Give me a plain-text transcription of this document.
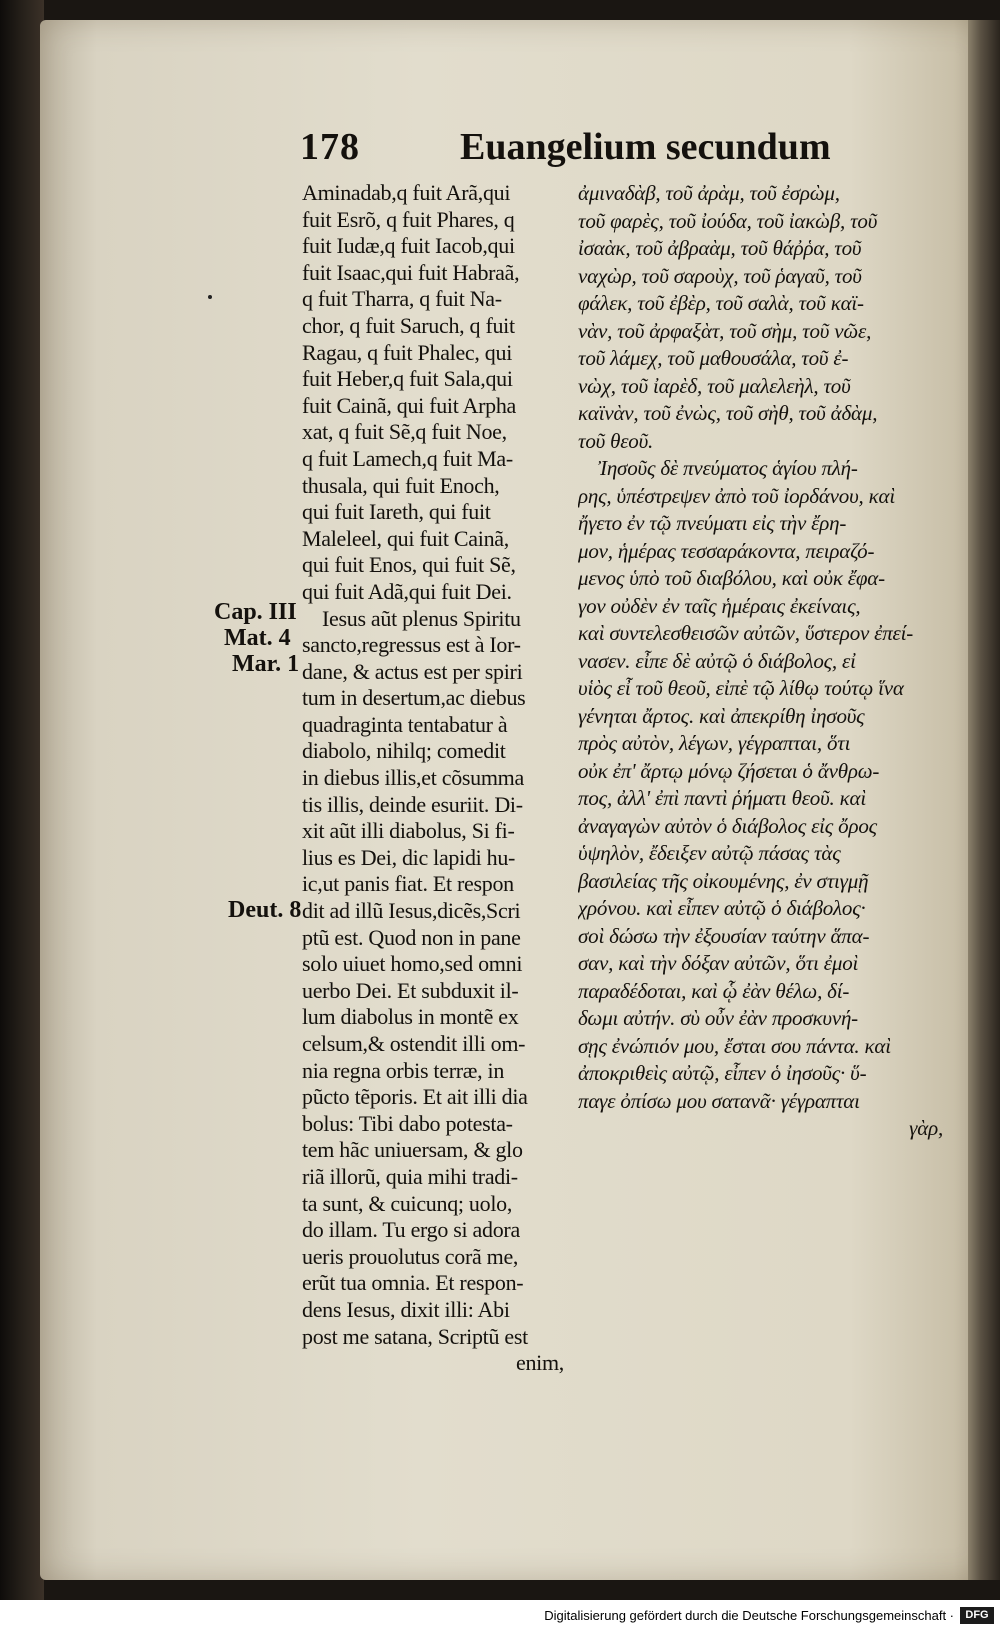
178	Euangelium secundum
Cap. III
Mat. 4
Mar. 1
Deut. 8
Aminadab,q fuit Arã,qui
fuit Esrõ, q fuit Phares, q
fuit Iudæ,q fuit Iacob,qui
fuit Isaac,qui fuit Habraã,
q fuit Tharra, q fuit Na-
chor, q fuit Saruch, q fuit
Ragau, q fuit Phalec, qui
fuit Heber,q fuit Sala,qui
fuit Cainã, qui fuit Arpha
xat, q fuit Sẽ,q fuit Noe,
q fuit Lamech,q fuit Ma-
thusala, qui fuit Enoch,
qui fuit Iareth, qui fuit
Maleleel, qui fuit Cainã,
qui fuit Enos, qui fuit Sẽ,
qui fuit Adã,qui fuit Dei.
Iesus aũt plenus Spiritu
sancto,regressus est à Ior-
dane, & actus est per spiri
tum in desertum,ac diebus
quadraginta tentabatur à
diabolo, nihilq; comedit
in diebus illis,et cõsumma
tis illis, deinde esuriit. Di-
xit aũt illi diabolus, Si fi-
lius es Dei, dic lapidi hu-
ic,ut panis fiat. Et respon
dit ad illũ Iesus,dicẽs,Scri
ptũ est. Quod non in pane
solo uiuet homo,sed omni
uerbo Dei. Et subduxit il-
lum diabolus in montẽ ex
celsum,& ostendit illi om-
nia regna orbis terræ, in
pũcto tẽporis. Et ait illi dia
bolus: Tibi dabo potesta-
tem hãc uniuersam, & glo
riã illorũ, quia mihi tradi-
ta sunt, & cuicunq; uolo,
do illam. Tu ergo si adora
ueris prouolutus corã me,
erũt tua omnia. Et respon-
dens Iesus, dixit illi: Abi
post me satana, Scriptũ est
enim,
ἀμιναδὰβ, τοῦ ἀρὰμ, τοῦ ἐσρὼμ,
τοῦ φαρὲς, τοῦ ἰούδα, τοῦ ἰακὼβ, τοῦ
ἰσαὰκ, τοῦ ἀβραὰμ, τοῦ θάῤῥα, τοῦ
ναχὼρ, τοῦ σαροὺχ, τοῦ ῥαγαῦ, τοῦ
φάλεκ, τοῦ ἐβὲρ, τοῦ σαλὰ, τοῦ καϊ-
νὰν, τοῦ ἀρφαξὰτ, τοῦ σὴμ, τοῦ νῶε,
τοῦ λάμεχ, τοῦ μαθουσάλα, τοῦ ἐ-
νὼχ, τοῦ ἰαρὲδ, τοῦ μαλελεὴλ, τοῦ
καϊνὰν, τοῦ ἐνὼς, τοῦ σὴθ, τοῦ ἀδὰμ,
τοῦ θεοῦ.
Ἰησοῦς δὲ πνεύματος ἁγίου πλή-
ρης, ὑπέστρεψεν ἀπὸ τοῦ ἰορδάνου, καὶ
ἤγετο ἐν τῷ πνεύματι εἰς τὴν ἔρη-
μον, ἡμέρας τεσσαράκοντα, πειραζό-
μενος ὑπὸ τοῦ διαβόλου, καὶ οὐκ ἔφα-
γον οὐδὲν ἐν ταῖς ἡμέραις ἐκείναις,
καὶ συντελεσθεισῶν αὐτῶν, ὕστερον ἐπεί-
νασεν. εἶπε δὲ αὐτῷ ὁ διάβολος, εἰ
υἱὸς εἶ τοῦ θεοῦ, εἰπὲ τῷ λίθῳ τούτῳ ἵνα
γένηται ἄρτος. καὶ ἀπεκρίθη ἰησοῦς
πρὸς αὐτὸν, λέγων, γέγραπται, ὅτι
οὐκ ἐπ' ἄρτῳ μόνῳ ζήσεται ὁ ἄνθρω-
πος, ἀλλ' ἐπὶ παντὶ ῥήματι θεοῦ. καὶ
ἀναγαγὼν αὐτὸν ὁ διάβολος εἰς ὄρος
ὑψηλὸν, ἔδειξεν αὐτῷ πάσας τὰς
βασιλείας τῆς οἰκουμένης, ἐν στιγμῇ
χρόνου. καὶ εἶπεν αὐτῷ ὁ διάβολος·
σοὶ δώσω τὴν ἐξουσίαν ταύτην ἅπα-
σαν, καὶ τὴν δόξαν αὐτῶν, ὅτι ἐμοὶ
παραδέδοται, καὶ ᾧ ἐὰν θέλω, δί-
δωμι αὐτήν. σὺ οὖν ἐὰν προσκυνή-
σῃς ἐνώπιόν μου, ἔσται σου πάντα. καὶ
ἀποκριθεὶς αὐτῷ, εἶπεν ὁ ἰησοῦς· ὕ-
παγε ὀπίσω μου σατανᾶ· γέγραπται
γὰρ,
Digitalisierung gefördert durch die Deutsche Forschungsgemeinschaft ·	DFG
